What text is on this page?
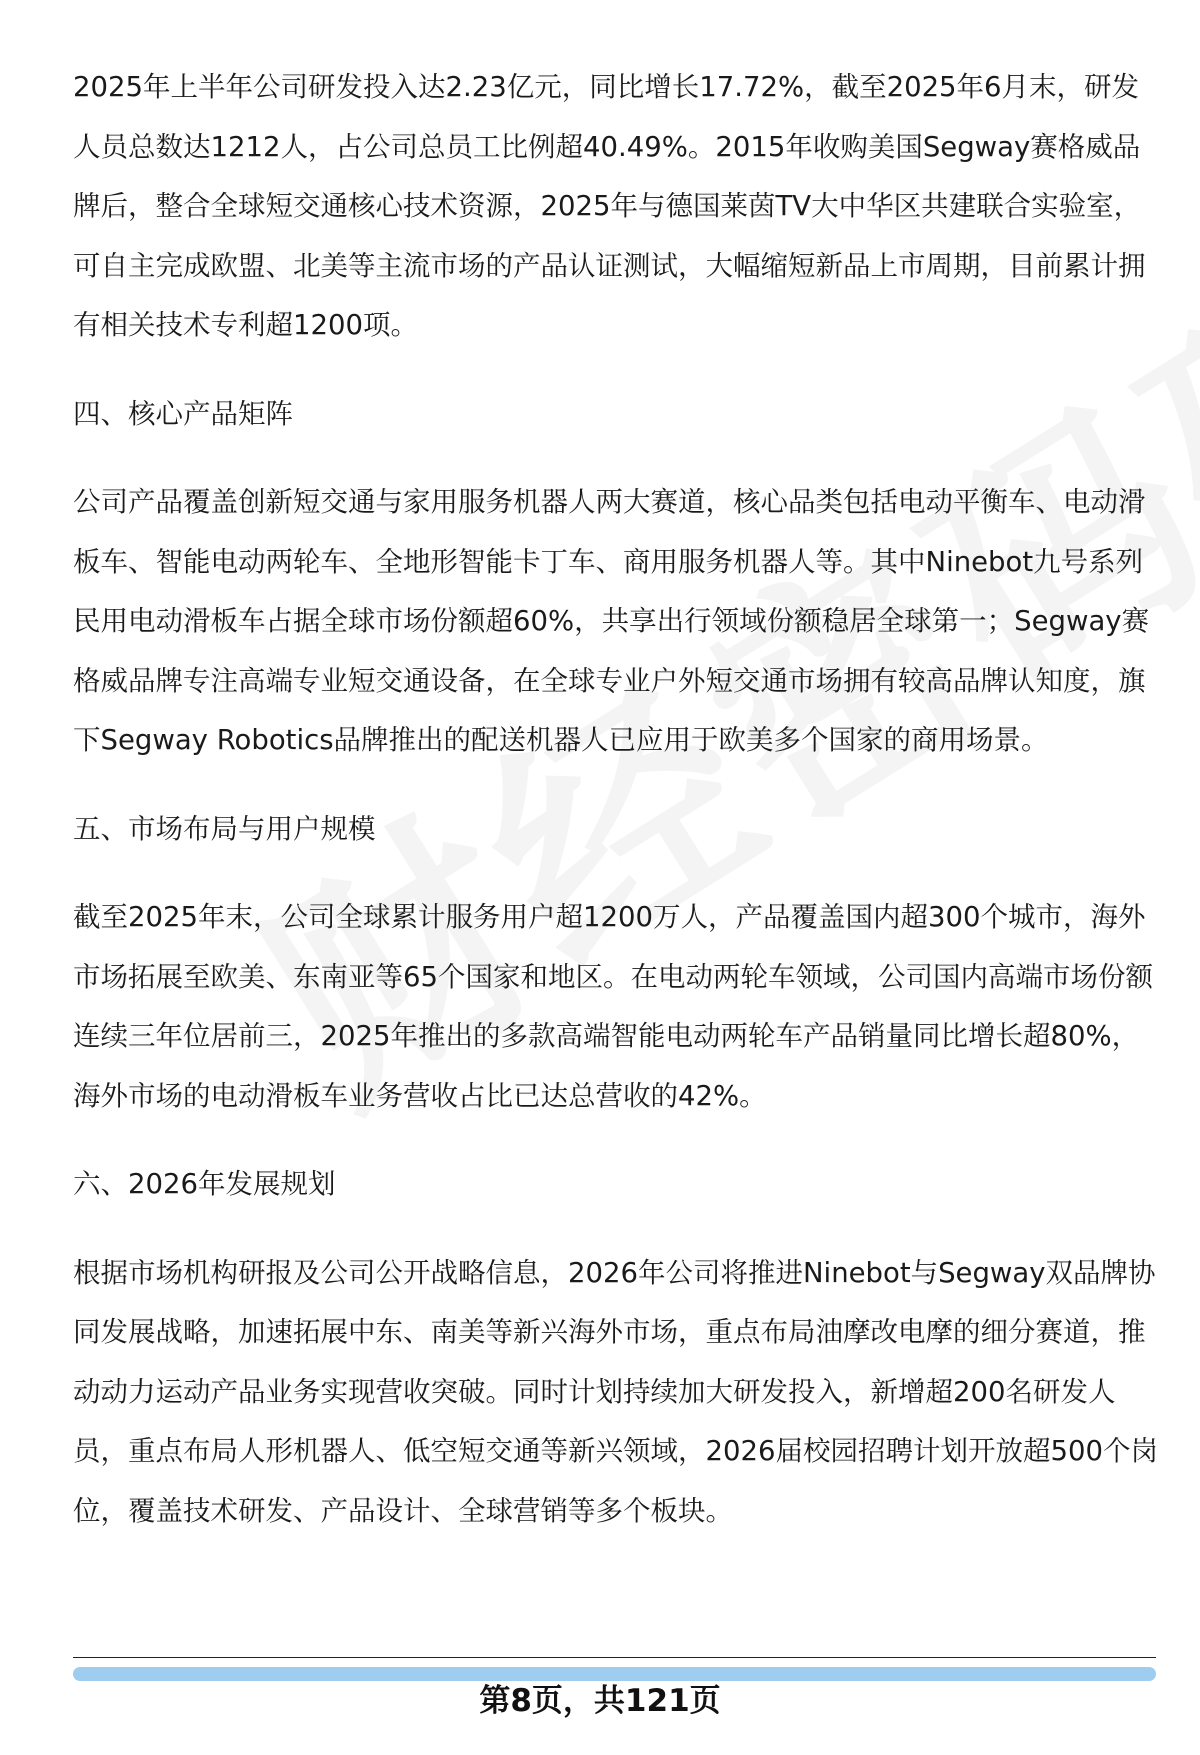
2025年上半年公司研发投入达2.23亿元，同比增长17.72%，截至2025年6月末，研发人员总数达1212人，占公司总员工比例超40.49%。2015年收购美国Segway赛格威品牌后，整合全球短交通核心技术资源，2025年与德国莱茵TV大中华区共建联合实验室，可自主完成欧盟、北美等主流市场的产品认证测试，大幅缩短新品上市周期，目前累计拥有相关技术专利超1200项。

四、核心产品矩阵

公司产品覆盖创新短交通与家用服务机器人两大赛道，核心品类包括电动平衡车、电动滑板车、智能电动两轮车、全地形智能卡丁车、商用服务机器人等。其中Ninebot九号系列民用电动滑板车占据全球市场份额超60%，共享出行领域份额稳居全球第一；Segway赛格威品牌专注高端专业短交通设备，在全球专业户外短交通市场拥有较高品牌认知度，旗下Segway Robotics品牌推出的配送机器人已应用于欧美多个国家的商用场景。

五、市场布局与用户规模

截至2025年末，公司全球累计服务用户超1200万人，产品覆盖国内超300个城市，海外市场拓展至欧美、东南亚等65个国家和地区。在电动两轮车领域，公司国内高端市场份额连续三年位居前三，2025年推出的多款高端智能电动两轮车产品销量同比增长超80%，海外市场的电动滑板车业务营收占比已达总营收的42%。

六、2026年发展规划

根据市场机构研报及公司公开战略信息，2026年公司将推进Ninebot与Segway双品牌协同发展战略，加速拓展中东、南美等新兴海外市场，重点布局油摩改电摩的细分赛道，推动动力运动产品业务实现营收突破。同时计划持续加大研发投入，新增超200名研发人员，重点布局人形机器人、低空短交通等新兴领域，2026届校园招聘计划开放超500个岗位，覆盖技术研发、产品设计、全球营销等多个板块。

第8页，共121页
